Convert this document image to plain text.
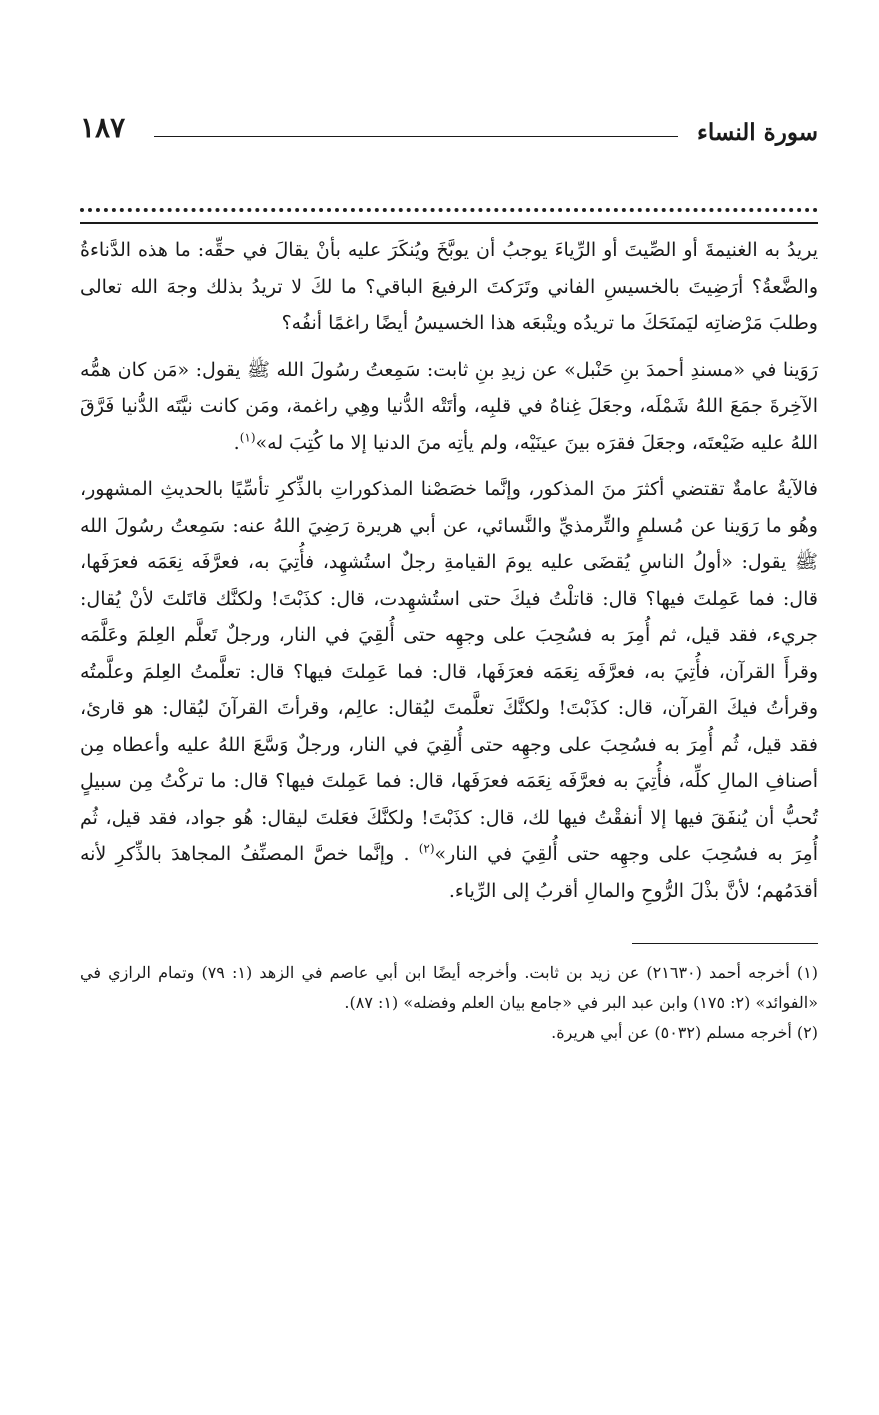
سورة النساء
١٨٧

يريدُ به الغنيمةَ أو الصِّيتَ أو الرِّياءَ يوجبُ أن يوبَّخَ ويُنكَرَ عليه بأنْ يقالَ في حقِّه: ما هذه الدَّناءةُ والضَّعةُ؟ أرَضِيتَ بالخسيسِ الفاني وتَرَكتَ الرفيعَ الباقي؟ ما لكَ لا تريدُ بذلك وجهَ الله تعالى وطلبَ مَرْضاتِه ليَمنَحَكَ ما تريدُه ويتْبعَه هذا الخسيسُ أيضًا راغمًا أنفُه؟

رَوَينا في «مسندِ أحمدَ بنِ حَنْبل» عن زيدِ بنِ ثابت: سَمِعتُ رسُولَ الله ﷺ يقول: «مَن كان همُّه الآخِرةَ جمَعَ اللهُ شَمْلَه، وجعَلَ غِناهُ في قلبِه، وأتَتْه الدُّنيا وهِي راغمة، ومَن كانت نيَّتَه الدُّنيا فَرَّقَ اللهُ عليه ضَيْعتَه، وجعَلَ فقرَه بينَ عينَيْه، ولم يأتِه منَ الدنيا إلا ما كُتِبَ له»$^{(١)}$.

فالآيةُ عامةٌ تقتضي أكثرَ منَ المذكور، وإنَّما خصَصْنا المذكوراتِ بالذِّكرِ تأسِّيًا بالحديثِ المشهور، وهُو ما رَوَينا عن مُسلمٍ والتِّرمذيِّ والنَّسائي، عن أبي هريرة رَضِيَ اللهُ عنه: سَمِعتُ رسُولَ الله ﷺ يقول: «أولُ الناسِ يُقضَى عليه يومَ القيامةِ رجلٌ استُشهِد، فأُتِيَ به، فعرَّفَه نِعَمَه فعرَفَها، قال: فما عَمِلتَ فيها؟ قال: قاتلْتُ فيكَ حتى استُشهِدت، قال: كذَبْتَ! ولكنَّك قاتَلتَ لأنْ يُقال: جريء، فقد قيل، ثم أُمِرَ به فسُحِبَ على وجهِه حتى أُلقِيَ في النار، ورجلٌ تَعلَّم العِلمَ وعَلَّمَه وقرأَ القرآن، فأُتِيَ به، فعرَّفَه نِعَمَه فعرَفَها، قال: فما عَمِلتَ فيها؟ قال: تعلَّمتُ العِلمَ وعلَّمتُه وقرأتُ فيكَ القرآن، قال: كذَبْتَ! ولكنَّكَ تعلَّمتَ ليُقال: عالِم، وقرأتَ القرآنَ ليُقال: هو قارئ، فقد قيل، ثُم أُمِرَ به فسُحِبَ على وجهِه حتى أُلقِيَ في النار، ورجلٌ وَسَّعَ اللهُ عليه وأعطاه مِن أصنافِ المالِ كلِّه، فأُتِيَ به فعرَّفَه نِعَمَه فعرَفَها، قال: فما عَمِلتَ فيها؟ قال: ما تركْتُ مِن سبيلٍ تُحبُّ أن يُنفَقَ فيها إلا أنفقْتُ فيها لك، قال: كذَبْتَ! ولكنَّكَ فعَلتَ ليقال: هُو جواد، فقد قيل، ثُم أُمِرَ به فسُحِبَ على وجهِه حتى أُلقِيَ في النار»$^{(٢)}$ . وإنَّما خصَّ المصنِّفُ المجاهدَ بالذِّكرِ لأنه أقدَمُهم؛ لأنَّ بذْلَ الرُّوحِ والمالِ أقربُ إلى الرِّياء.

(١) أخرجه أحمد (٢١٦٣٠) عن زيد بن ثابت. وأخرجه أيضًا ابن أبي عاصم في الزهد (١: ٧٩) وتمام الرازي في «الفوائد» (٢: ١٧٥) وابن عبد البر في «جامع بيان العلم وفضله» (١: ٨٧).

(٢) أخرجه مسلم (٥٠٣٢) عن أبي هريرة.
